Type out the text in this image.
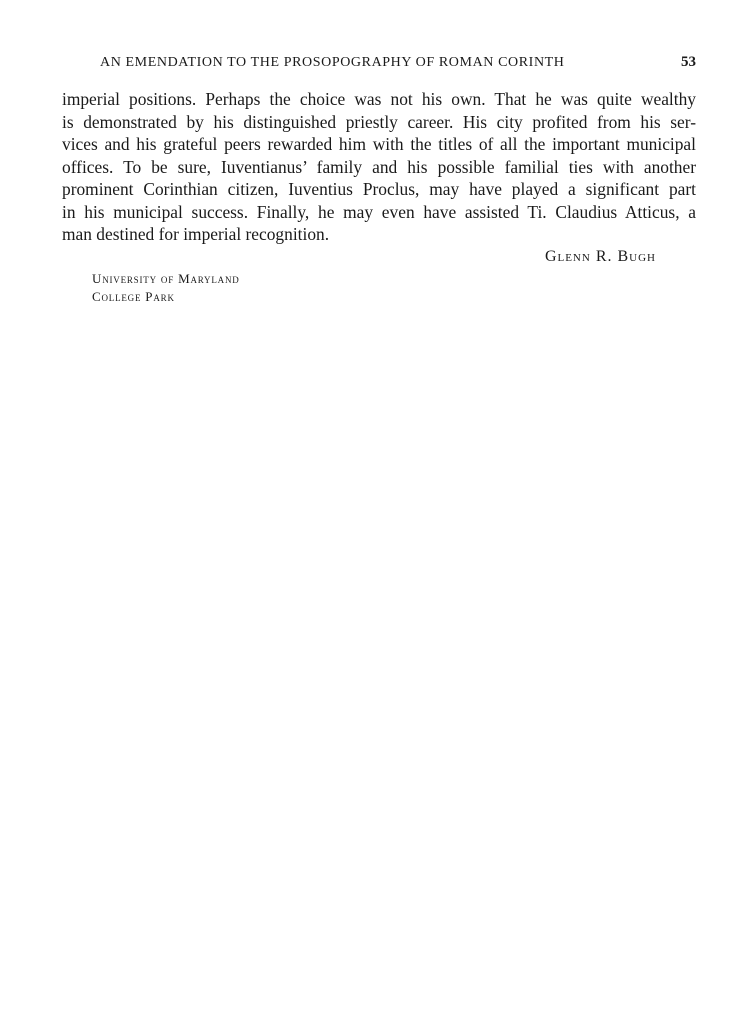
AN EMENDATION TO THE PROSOPOGRAPHY OF ROMAN CORINTH	53
imperial positions. Perhaps the choice was not his own. That he was quite wealthy
is demonstrated by his distinguished priestly career. His city profited from his ser-
vices and his grateful peers rewarded him with the titles of all the important municipal
offices. To be sure, Iuventianus’ family and his possible familial ties with another
prominent Corinthian citizen, Iuventius Proclus, may have played a significant part
in his municipal success. Finally, he may even have assisted Ti. Claudius Atticus, a
man destined for imperial recognition.
Glenn R. Bugh
University of Maryland
College Park
